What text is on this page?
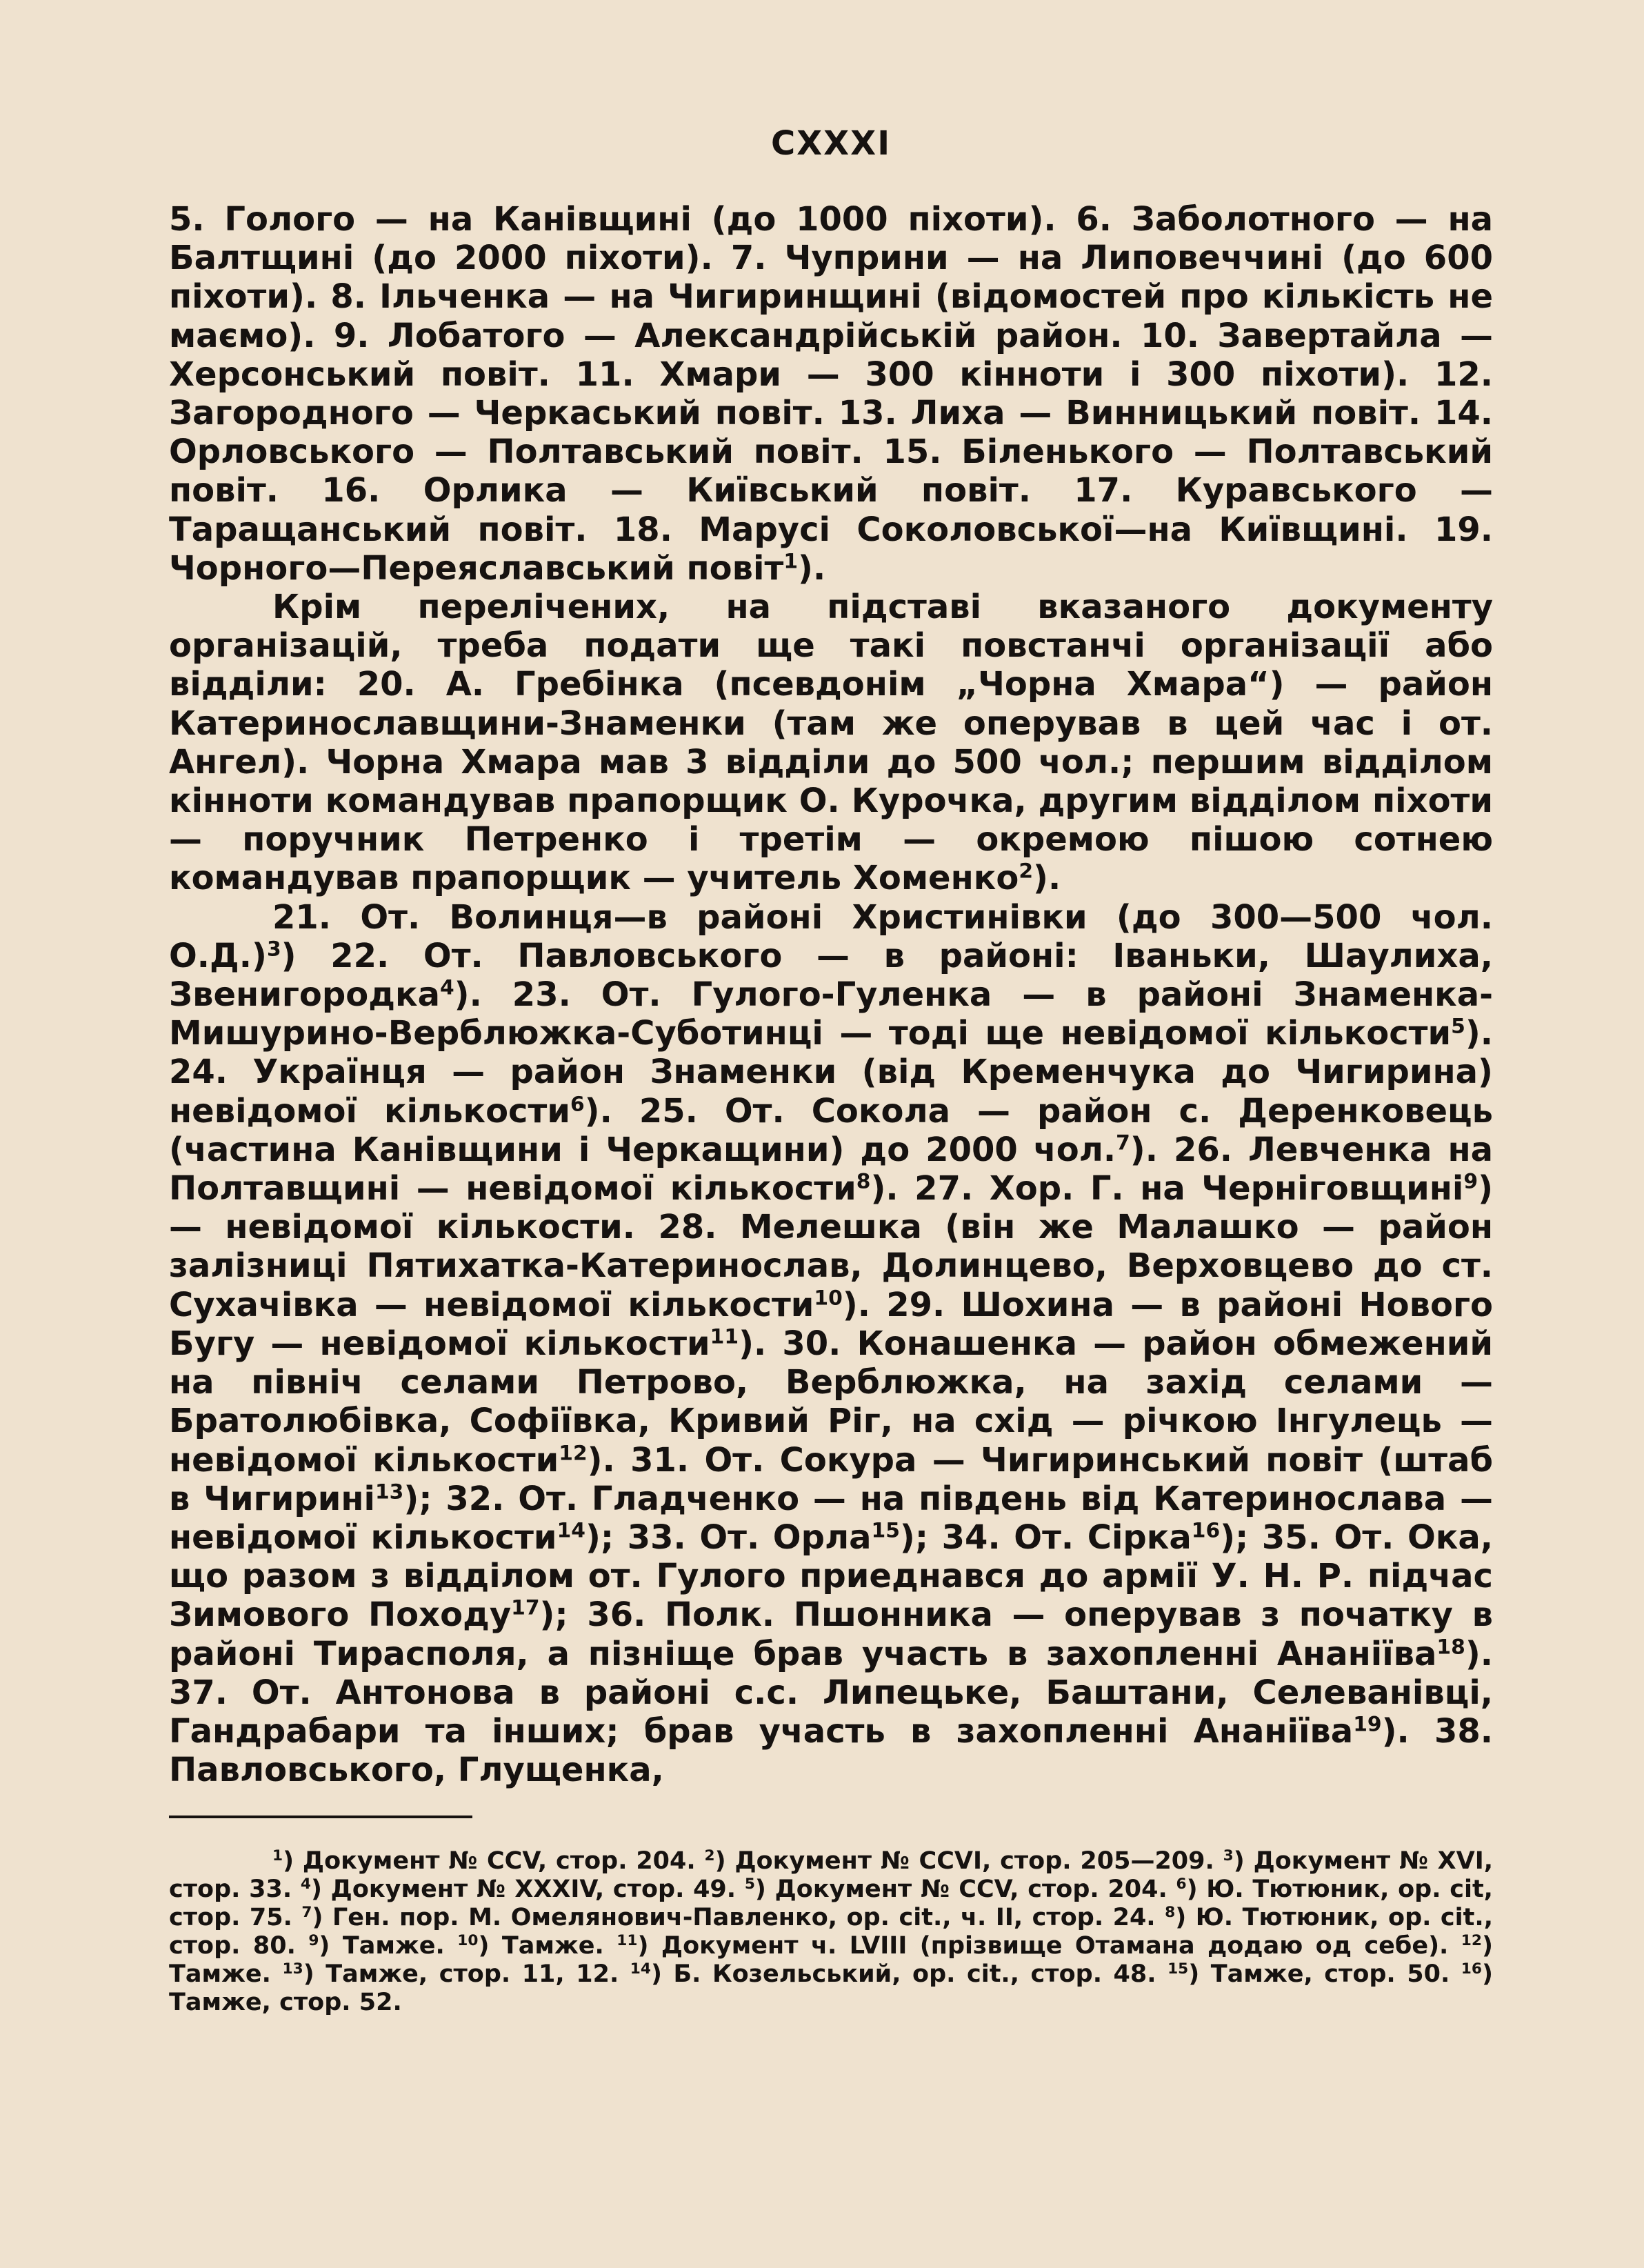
CXXXI

5. Голого — на Канівщині (до 1000 піхоти). 6. Заболотного — на Балтщині (до 2000 піхоти). 7. Чуприни — на Липовеччині (до 600 піхоти). 8. Ільченка — на Чигиринщині (відомостей про кількість не маємо). 9. Лобатого — Александрійській район. 10. Завертайла — Херсонський повіт. 11. Хмари — 300 кінноти і 300 піхоти). 12. Загородного — Черкаський повіт. 13. Лиха — Винницький повіт. 14. Орловського — Полтавський повіт. 15. Біленького — Полтавський повіт. 16. Орлика — Київський повіт. 17. Куравського — Таращанський повіт. 18. Марусі Соколовської—на Київщині. 19. Чорного—Переяславський повіт$^1$).

Крім перелічених, на підставі вказаного документу організацій, треба подати ще такі повстанчі організації або відділи: 20. А. Гребінка (псевдонім „Чорна Хмара“) — район Катеринославщини-Знаменки (там же оперував в цей час і от. Ангел). Чорна Хмара мав 3 відділи до 500 чол.; першим відділом кінноти командував прапорщик О. Курочка, другим відділом піхоти — поручник Петренко і третім — окремою пішою сотнею командував прапорщик — учитель Хоменко$^2$).

21. От. Волинця—в районі Христинівки (до 300—500 чол. О.Д.)$^3$) 22. От. Павловського — в районі: Іваньки, Шаулиха, Звенигородка$^4$). 23. От. Гулого-Гуленка — в районі Знаменка-Мишурино-Верблюжка-Суботинці — тоді ще невідомої кількости$^5$). 24. Українця — район Знаменки (від Кременчука до Чигирина) невідомої кількости$^6$). 25. От. Сокола — район с. Деренковець (частина Канівщини і Черкащини) до 2000 чол.$^7$). 26. Левченка на Полтавщині — невідомої кількости$^8$). 27. Хор. Г. на Черніговщині$^9$) — невідомої кількости. 28. Мелешка (він же Малашко — район залізниці Пятихатка-Катеринослав, Долинцево, Верховцево до ст. Сухачівка — невідомої кількости$^{10}$). 29. Шохина — в районі Нового Бугу — невідомої кількости$^{11}$). 30. Конашенка — район обмежений на північ селами Петрово, Верблюжка, на захід селами — Братолюбівка, Софіївка, Кривий Ріг, на схід — річкою Інгулець — невідомої кількости$^{12}$). 31. От. Сокура — Чигиринський повіт (штаб в Чигирині$^{13}$); 32. От. Гладченко — на південь від Катеринослава — невідомої кількости$^{14}$); 33. От. Орла$^{15}$); 34. От. Сірка$^{16}$); 35. От. Ока, що разом з відділом от. Гулого приеднався до армії У. Н. Р. підчас Зимового Походу$^{17}$); 36. Полк. Пшонника — оперував з початку в районі Тирасполя, а пізніще брав участь в захопленні Ананіїва$^{18}$). 37. От. Антонова в районі с.с. Липецьке, Баштани, Селеванівці, Гандрабари та інших; брав участь в захопленні Ананіїва$^{19}$). 38. Павловського, Глущенка,

$^1$) Документ № CCV, стор. 204. $^2$) Документ № CCVI, стор. 205—209. $^3$) Документ № XVI, стор. 33. $^4$) Документ № XXXIV, стор. 49. $^5$) Документ № CCV, стор. 204. $^6$) Ю. Тютюник, op. cit, стор. 75. $^7$) Ген. пор. М. Омелянович-Павленко, op. cit., ч. II, стор. 24. $^8$) Ю. Тютюник, op. cit., стор. 80. $^9$) Тамже. $^{10}$) Тамже. $^{11}$) Документ ч. LVIII (прізвище Отамана додаю од себе). $^{12}$) Тамже. $^{13}$) Тамже, стор. 11, 12. $^{14}$) Б. Козельський, op. cit., стор. 48. $^{15}$) Тамже, стор. 50. $^{16}$) Тамже, стор. 52.
